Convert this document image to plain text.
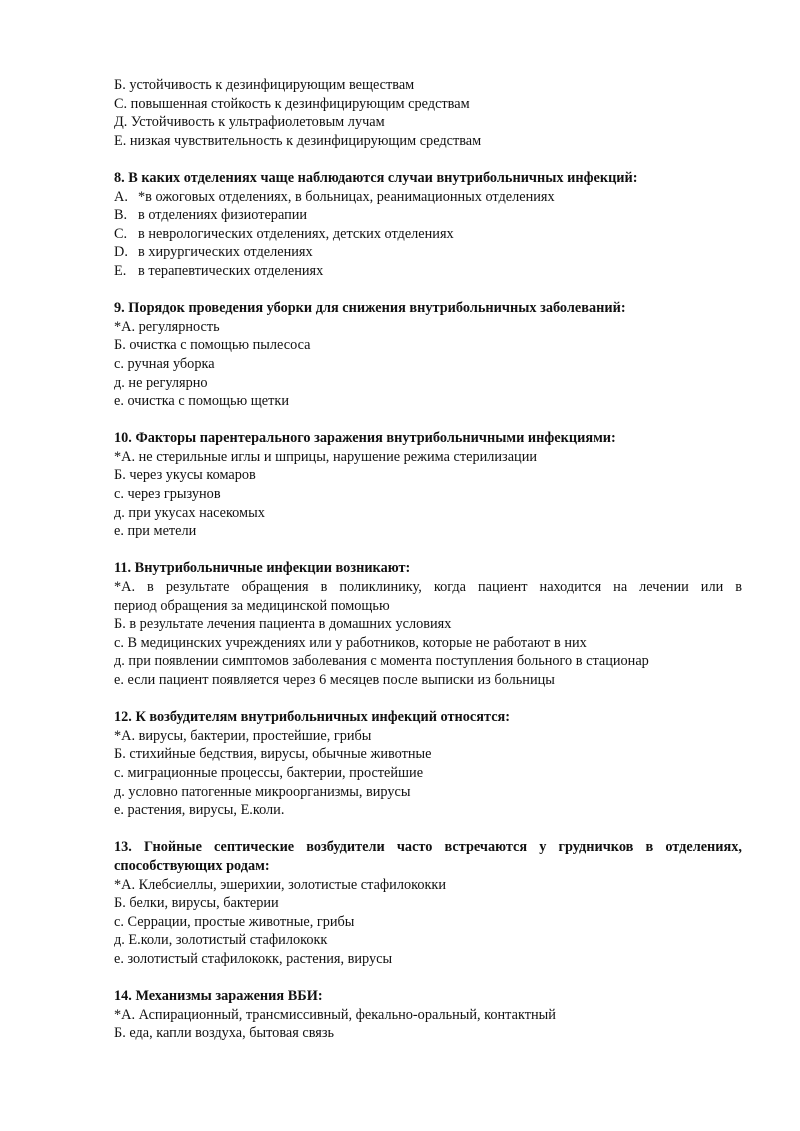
Б. устойчивость к дезинфицирующим веществам
C. повышенная стойкость к дезинфицирующим средствам
Д. Устойчивость к ультрафиолетовым лучам
E. низкая чувствительность к дезинфицирующим средствам
8. В каких отделениях чаще наблюдаются случаи внутрибольничных инфекций:
A. *в ожоговых отделениях, в больницах, реанимационных отделениях
B. в отделениях физиотерапии
C. в неврологических отделениях, детских отделениях
D. в хирургических отделениях
E. в терапевтических отделениях
9. Порядок проведения уборки для снижения внутрибольничных заболеваний:
*А. регулярность
Б. очистка с помощью пылесоса
с. ручная уборка
д. не регулярно
е. очистка с помощью щетки
10. Факторы парентерального заражения внутрибольничными инфекциями:
*А. не стерильные иглы и шприцы, нарушение режима стерилизации
Б. через укусы комаров
с. через грызунов
д. при укусах насекомых
е. при метели
11. Внутрибольничные инфекции возникают:
*А. в результате обращения в поликлинику, когда пациент находится на лечении или в
период обращения за медицинской помощью
Б. в результате лечения пациента в домашних условиях
с. В медицинских учреждениях или у работников, которые не работают в них
д. при появлении симптомов заболевания с момента поступления больного в стационар
е. если пациент появляется через 6 месяцев после выписки из больницы
12. К возбудителям внутрибольничных инфекций относятся:
*А. вирусы, бактерии, простейшие, грибы
Б. стихийные бедствия, вирусы, обычные животные
с. миграционные процессы, бактерии, простейшие
д. условно патогенные микроорганизмы, вирусы
е. растения, вирусы, Е.коли.
13. Гнойные септические возбудители часто встречаются у грудничков в отделениях,
способствующих родам:
*А. Клебсиеллы, эшерихии, золотистые стафилококки
Б. белки, вирусы, бактерии
с. Серрации, простые животные, грибы
д. Е.коли, золотистый стафилококк
е. золотистый стафилококк, растения, вирусы
14. Механизмы заражения ВБИ:
*А. Аспирационный, трансмиссивный, фекально-оральный, контактный
Б. еда, капли воздуха, бытовая связь
